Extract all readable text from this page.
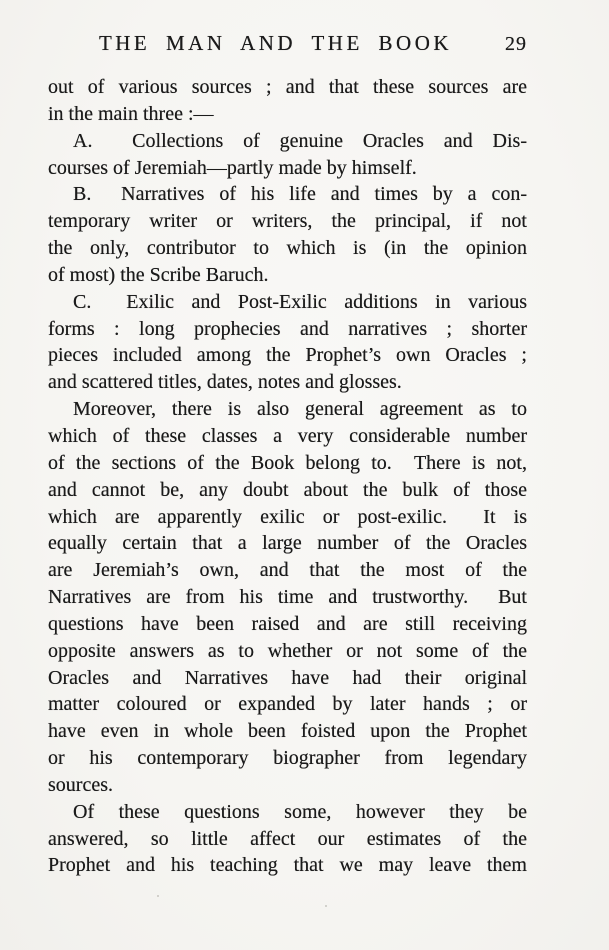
THE MAN AND THE BOOK	29
out of various sources ; and that these sources are
in the main three :—
A.  Collections of genuine Oracles and Dis-
courses of Jeremiah—partly made by himself.
B.  Narratives of his life and times by a con-
temporary writer or writers, the principal, if not
the only, contributor to which is (in the opinion
of most) the Scribe Baruch.
C.  Exilic and Post-Exilic additions in various
forms : long prophecies and narratives ; shorter
pieces included among the Prophet’s own Oracles ;
and scattered titles, dates, notes and glosses.
Moreover, there is also general agreement as to
which of these classes a very considerable number
of the sections of the Book belong to.  There is not,
and cannot be, any doubt about the bulk of those
which are apparently exilic or post-exilic.  It is
equally certain that a large number of the Oracles
are Jeremiah’s own, and that the most of the
Narratives are from his time and trustworthy.  But
questions have been raised and are still receiving
opposite answers as to whether or not some of the
Oracles and Narratives have had their original
matter coloured or expanded by later hands ; or
have even in whole been foisted upon the Prophet
or his contemporary biographer from legendary
sources.
Of these questions some, however they be
answered, so little affect our estimates of the
Prophet and his teaching that we may leave them
